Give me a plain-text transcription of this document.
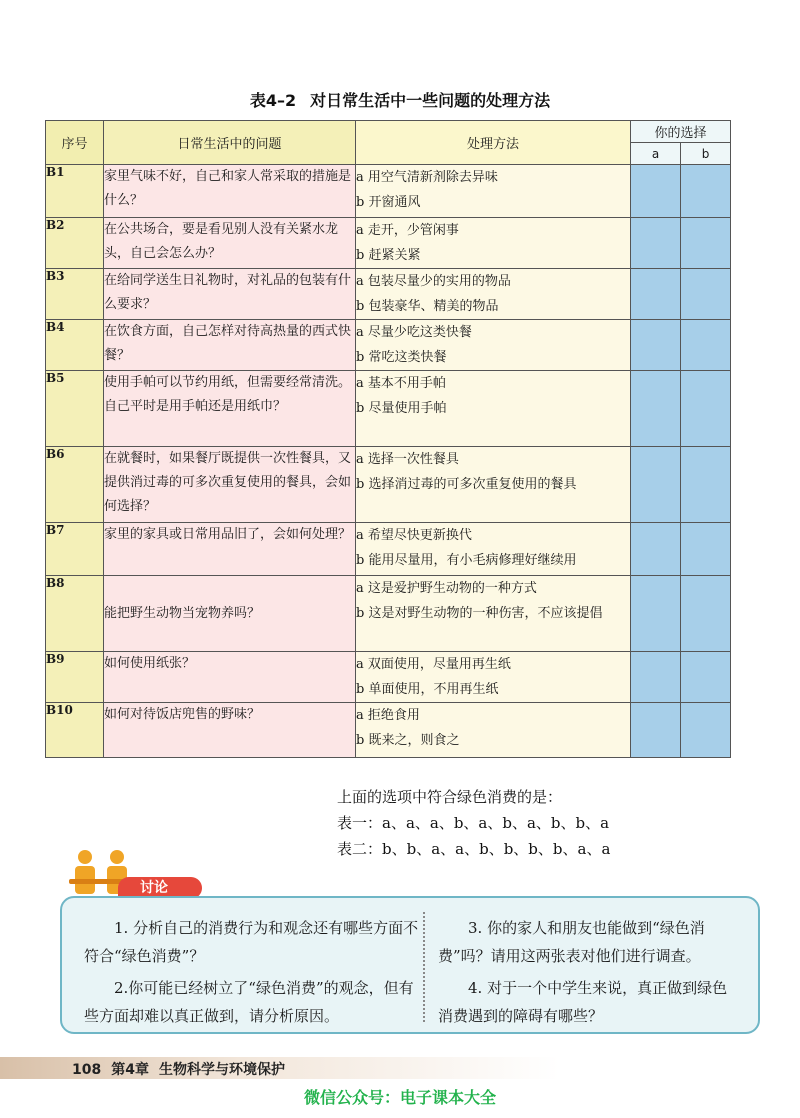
表4–2 对日常生活中一些问题的处理方法
序号	日常生活中的问题	处理方法	你的选择	
			a	b
B1	家里气味不好，自己和家人常采取的措施是什么？	a 用空气清新剂除去异味
b 开窗通风		

B2	在公共场合，要是看见别人没有关紧水龙头，自己会怎么办？	a 走开，少管闲事
b 赶紧关紧		

B3	在给同学送生日礼物时，对礼品的包装有什么要求？	a 包装尽量少的实用的物品
b 包装豪华、精美的物品		

B4	在饮食方面，自己怎样对待高热量的西式快餐？	a 尽量少吃这类快餐
b 常吃这类快餐		

B5	使用手帕可以节约用纸，但需要经常清洗。自己平时是用手帕还是用纸巾？	a 基本不用手帕
b 尽量使用手帕		

B6	在就餐时，如果餐厅既提供一次性餐具，又提供消过毒的可多次重复使用的餐具，会如何选择？	a 选择一次性餐具
b 选择消过毒的可多次重复使用的餐具		

B7	家里的家具或日常用品旧了，会如何处理？	a 希望尽快更新换代
b 能用尽量用，有小毛病修理好继续用		

B8	能把野生动物当宠物养吗？	a 这是爱护野生动物的一种方式
b 这是对野生动物的一种伤害，不应该提倡		

B9	如何使用纸张？	a 双面使用，尽量用再生纸
b 单面使用，不用再生纸		

B10	如何对待饭店兜售的野味？	a 拒绝食用
b 既来之，则食之		

上面的选项中符合绿色消费的是：
表一：a、a、a、b、a、b、a、b、b、a
表二：b、b、a、a、b、b、b、b、a、a
讨论

1. 分析自己的消费行为和观念还有哪些方面不符合“绿色消费”？

2.你可能已经树立了“绿色消费”的观念，但有些方面却难以真正做到，请分析原因。

3. 你的家人和朋友也能做到“绿色消费”吗？请用这两张表对他们进行调查。

4. 对于一个中学生来说，真正做到绿色消费遇到的障碍有哪些？

108 第4章 生物科学与环境保护
微信公众号：电子课本大全
